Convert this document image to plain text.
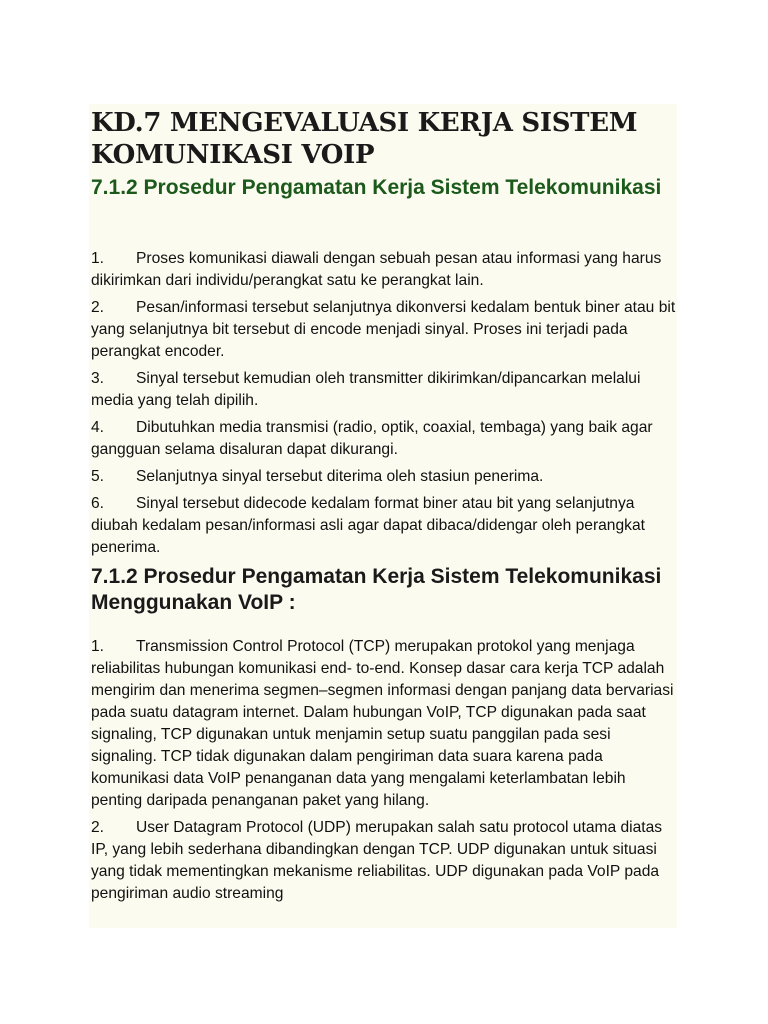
KD.7 MENGEVALUASI KERJA SISTEM KOMUNIKASI VOIP
7.1.2 Prosedur Pengamatan Kerja Sistem Telekomunikasi
1. Proses komunikasi diawali dengan sebuah pesan atau informasi yang harus dikirimkan dari individu/perangkat satu ke perangkat lain.
2. Pesan/informasi tersebut selanjutnya dikonversi kedalam bentuk biner atau bit yang selanjutnya bit tersebut di encode menjadi sinyal. Proses ini terjadi pada perangkat encoder.
3. Sinyal tersebut kemudian oleh transmitter dikirimkan/dipancarkan melalui media yang telah dipilih.
4. Dibutuhkan media transmisi (radio, optik, coaxial, tembaga) yang baik agar gangguan selama disaluran dapat dikurangi.
5. Selanjutnya sinyal tersebut diterima oleh stasiun penerima.
6. Sinyal tersebut didecode kedalam format biner atau bit yang selanjutnya diubah kedalam pesan/informasi asli agar dapat dibaca/didengar oleh perangkat penerima.
7.1.2 Prosedur Pengamatan Kerja Sistem Telekomunikasi Menggunakan VoIP :
1. Transmission Control Protocol (TCP) merupakan protokol yang menjaga reliabilitas hubungan komunikasi end- to-end. Konsep dasar cara kerja TCP adalah mengirim dan menerima segmen–segmen informasi dengan panjang data bervariasi pada suatu datagram internet. Dalam hubungan VoIP, TCP digunakan pada saat signaling, TCP digunakan untuk menjamin setup suatu panggilan pada sesi signaling. TCP tidak digunakan dalam pengiriman data suara karena pada komunikasi data VoIP penanganan data yang mengalami keterlambatan lebih penting daripada penanganan paket yang hilang.
2. User Datagram Protocol (UDP) merupakan salah satu protocol utama diatas IP, yang lebih sederhana dibandingkan dengan TCP. UDP digunakan untuk situasi yang tidak mementingkan mekanisme reliabilitas. UDP digunakan pada VoIP pada pengiriman audio streaming
